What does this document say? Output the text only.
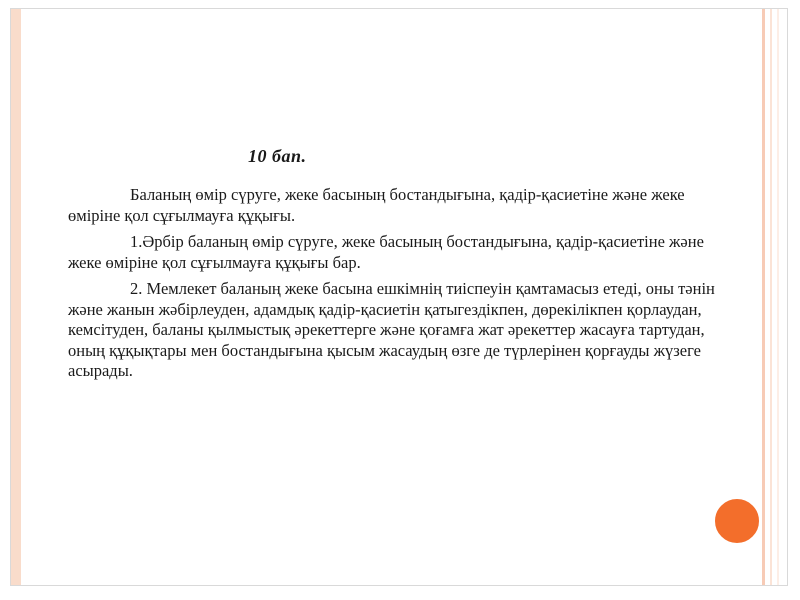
10 бап.

Баланың өмір сүруге, жеке басының бостандығына, қадір-қасиетіне және жеке өміріне қол сұғылмауға құқығы.

1.Әрбір баланың өмір сүруге, жеке басының бостандығына, қадір-қасиетіне және жеке өміріне қол сұғылмауға құқығы бар.

2. Мемлекет баланың жеке басына ешкімнің тиіспеуін қамтамасыз етеді, оны тәнін және жанын жәбірлеуден, адамдық қадір-қасиетін қатыгездікпен, дөрекілікпен қорлаудан, кемсітуден, баланы қылмыстық әрекеттерге және қоғамға жат әрекеттер жасауға тартудан, оның құқықтары мен бостандығына қысым жасаудың өзге де түрлерінен қорғауды жүзеге асырады.
